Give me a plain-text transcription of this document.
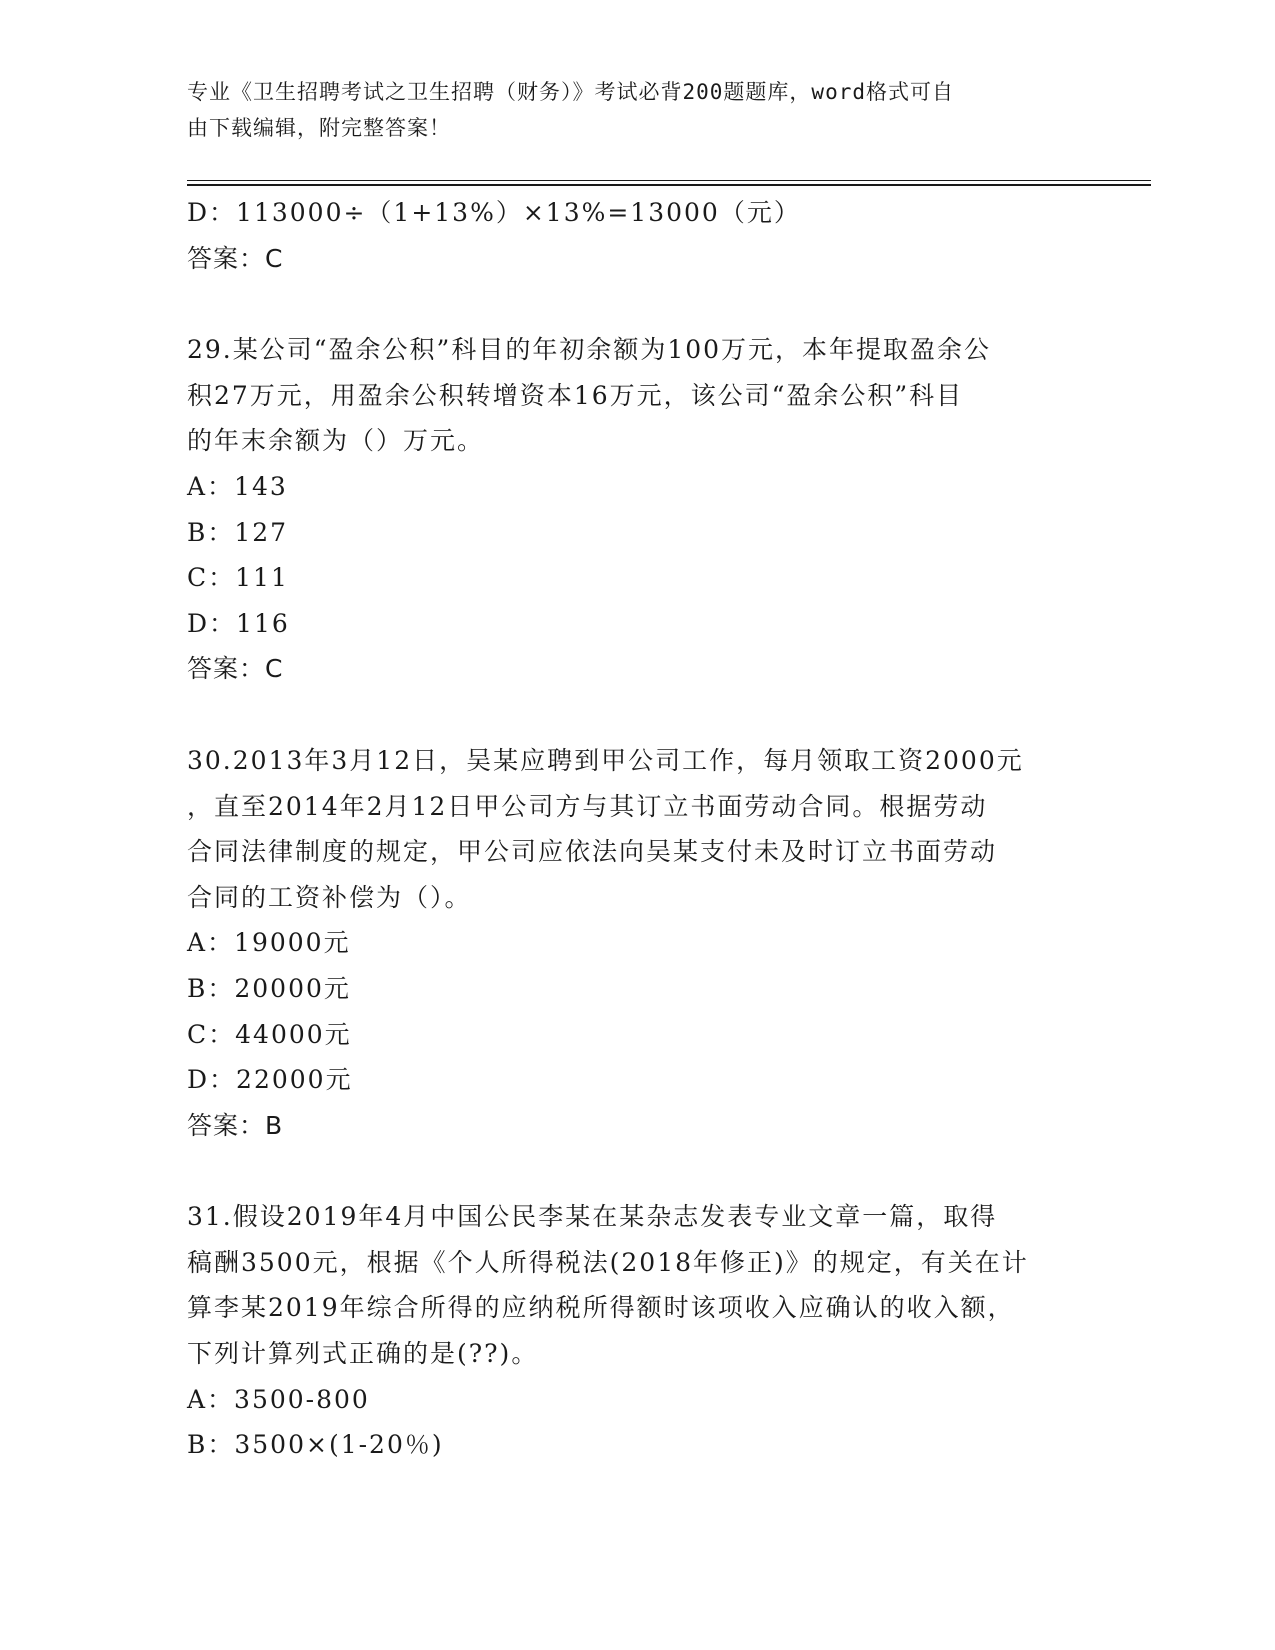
专业《卫生招聘考试之卫生招聘（财务）》考试必背200题题库，word格式可自
由下载编辑，附完整答案！
D：113000÷（1+13%）×13%=13000（元）
答案：C
29.某公司“盈余公积”科目的年初余额为100万元，本年提取盈余公
积27万元，用盈余公积转增资本16万元，该公司“盈余公积”科目
的年末余额为（）万元。
A：143
B：127
C：111
D：116
答案：C
30.2013年3月12日，吴某应聘到甲公司工作，每月领取工资2000元
，直至2014年2月12日甲公司方与其订立书面劳动合同。根据劳动
合同法律制度的规定，甲公司应依法向吴某支付未及时订立书面劳动
合同的工资补偿为（）。
A：19000元
B：20000元
C：44000元
D：22000元
答案：B
31.假设2019年4月中国公民李某在某杂志发表专业文章一篇，取得
稿酬3500元，根据《个人所得税法(2018年修正)》的规定，有关在计
算李某2019年综合所得的应纳税所得额时该项收入应确认的收入额，
下列计算列式正确的是(??)。
A：3500-800
B：3500×(1-20％)
